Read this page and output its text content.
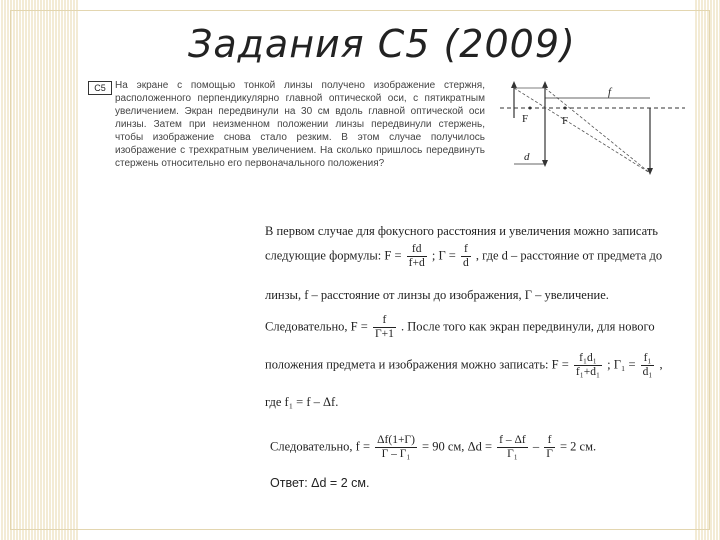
Задания С5 (2009)
С5 На экране с помощью тонкой линзы получено изображение стержня, расположенного перпендикулярно главной оптической оси, с пятикратным увеличением. Экран передвинули на 30 см вдоль главной оптической оси линзы. Затем при неизменном положении линзы передвинули стержень, чтобы изображение снова стало резким. В этом случае получилось изображение с трехкратным увеличением. На сколько пришлось передвинуть стержень относительно его первоначального положения?
f
F	F
d
В первом случае для фокусного расстояния и увеличения можно записать
следующие формулы: $F = \frac{fd}{f+d}$ ; $Г = \frac{f}{d}$ , где d – расстояние от предмета до
линзы, f – расстояние от линзы до изображения, Г – увеличение.
Следовательно, $F = \frac{f}{Г+1}$ . После того как экран передвинули, для нового
положения предмета и изображения можно записать: $F = \frac{\text{f₁d₁}}{\text{f₁+d₁}}$ ; $Г_1 = \frac{\text{f₁}}{\text{d₁}}$ ,
где f₁ = f – Δf.
Следовательно, $f = \frac{\Delta f(1+Г)}{\text{Г – Г₁}} = 90$ см, $\Delta d = \frac{f - \Delta f}{\text{Г₁}} - \frac{f}{Г} = 2$ см.
Ответ: Δd = 2 см.
